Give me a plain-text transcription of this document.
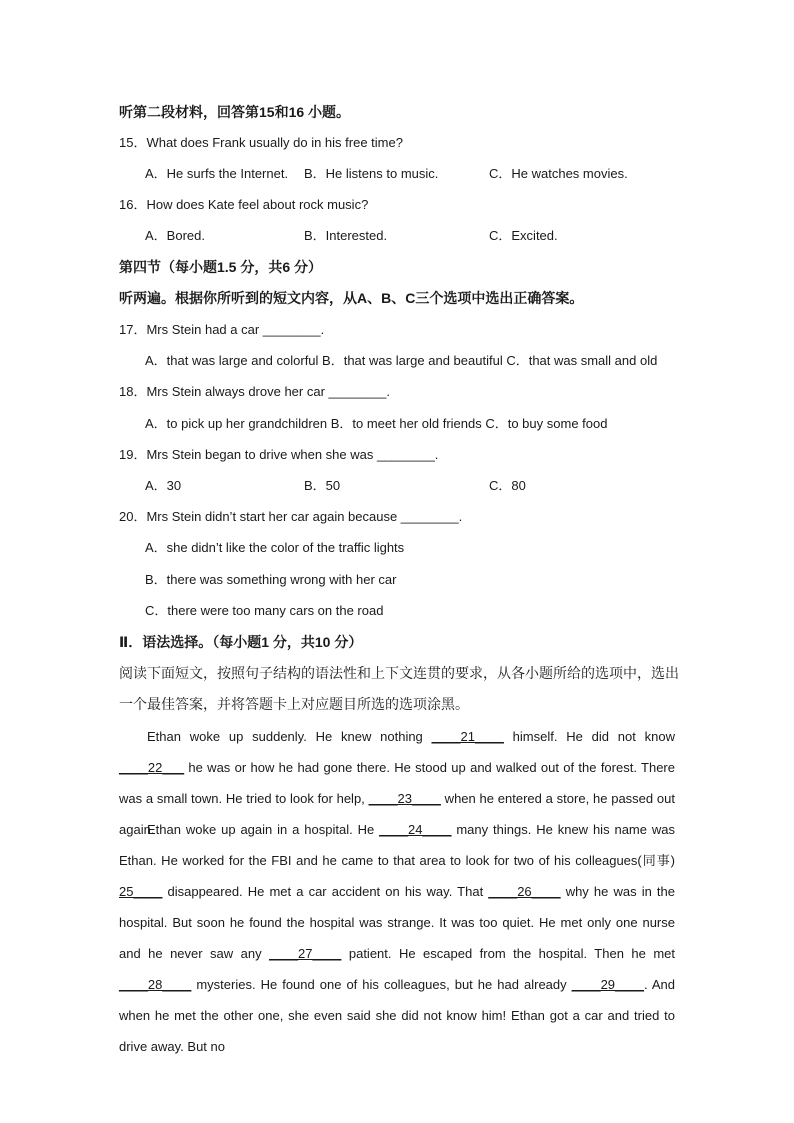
听第二段材料，回答第15和16 小题。
15．What does Frank usually do in his free time?
A．He surfs the Internet. B．He listens to music.	C．He watches movies.
16．How does Kate feel about rock music?
A．Bored.	B．Interested.	C．Excited.
第四节（每小题1.5 分，共6 分）
听两遍。根据你所听到的短文内容，从A、B、C三个选项中选出正确答案。
17．Mrs Stein had a car ________.
A．that was large and colorful B．that was large and beautiful C．that was small and old
18．Mrs Stein always drove her car ________.
A．to pick up her grandchildren B．to meet her old friends C．to buy some food
19．Mrs Stein began to drive when she was ________.
A．30	B．50	C．80
20．Mrs Stein didn’t start her car again because ________.
A．she didn’t like the color of the traffic lights
B．there was something wrong with her car
C．there were too many cars on the road
Ⅱ．语法选择。（每小题1 分，共10 分）
阅读下面短文，按照句子结构的语法性和上下文连贯的要求，从各小题所给的选项中，选出
一个最佳答案，并将答题卡上对应题目所选的选项涂黑。
Ethan woke up suddenly. He knew nothing ____21____ himself. He did not know ____22___ he was or how he had gone there. He stood up and walked out of the forest. There was a small town. He tried to look for help, ____23____ when he entered a store, he passed out again.
Ethan woke up again in a hospital. He ____24____ many things. He knew his name was Ethan. He worked for the FBI and he came to that area to look for two of his colleagues(同事) 25____ disappeared. He met a car accident on his way. That ____26____ why he was in the hospital. But soon he found the hospital was strange. It was too quiet. He met only one nurse and he never saw any ____27____ patient. He escaped from the hospital. Then he met ____28____ mysteries. He found one of his colleagues, but he had already ____29____. And when he met the other one, she even said she did not know him! Ethan got a car and tried to drive away. But no
